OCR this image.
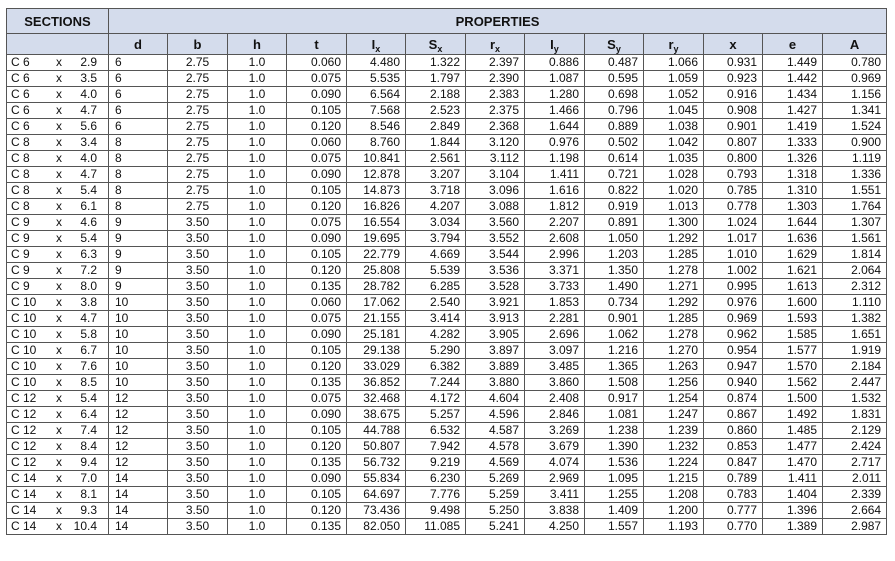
SECTIONS	PROPERTIES												
	d	b	h	t	$I_x$	$S_x$	$r_x$	$I_y$	$S_y$	$r_y$	x	e	A
C 6 x 2.9	6	2.75	1.0	0.060	4.480	1.322	2.397	0.886	0.487	1.066	0.931	1.449	0.780
C 6 x 3.5	6	2.75	1.0	0.075	5.535	1.797	2.390	1.087	0.595	1.059	0.923	1.442	0.969
C 6 x 4.0	6	2.75	1.0	0.090	6.564	2.188	2.383	1.280	0.698	1.052	0.916	1.434	1.156
C 6 x 4.7	6	2.75	1.0	0.105	7.568	2.523	2.375	1.466	0.796	1.045	0.908	1.427	1.341
C 6 x 5.6	6	2.75	1.0	0.120	8.546	2.849	2.368	1.644	0.889	1.038	0.901	1.419	1.524
C 8 x 3.4	8	2.75	1.0	0.060	8.760	1.844	3.120	0.976	0.502	1.042	0.807	1.333	0.900
C 8 x 4.0	8	2.75	1.0	0.075	10.841	2.561	3.112	1.198	0.614	1.035	0.800	1.326	1.119
C 8 x 4.7	8	2.75	1.0	0.090	12.878	3.207	3.104	1.411	0.721	1.028	0.793	1.318	1.336
C 8 x 5.4	8	2.75	1.0	0.105	14.873	3.718	3.096	1.616	0.822	1.020	0.785	1.310	1.551
C 8 x 6.1	8	2.75	1.0	0.120	16.826	4.207	3.088	1.812	0.919	1.013	0.778	1.303	1.764
C 9 x 4.6	9	3.50	1.0	0.075	16.554	3.034	3.560	2.207	0.891	1.300	1.024	1.644	1.307
C 9 x 5.4	9	3.50	1.0	0.090	19.695	3.794	3.552	2.608	1.050	1.292	1.017	1.636	1.561
C 9 x 6.3	9	3.50	1.0	0.105	22.779	4.669	3.544	2.996	1.203	1.285	1.010	1.629	1.814
C 9 x 7.2	9	3.50	1.0	0.120	25.808	5.539	3.536	3.371	1.350	1.278	1.002	1.621	2.064
C 9 x 8.0	9	3.50	1.0	0.135	28.782	6.285	3.528	3.733	1.490	1.271	0.995	1.613	2.312
C 10 x 3.8	10	3.50	1.0	0.060	17.062	2.540	3.921	1.853	0.734	1.292	0.976	1.600	1.110
C 10 x 4.7	10	3.50	1.0	0.075	21.155	3.414	3.913	2.281	0.901	1.285	0.969	1.593	1.382
C 10 x 5.8	10	3.50	1.0	0.090	25.181	4.282	3.905	2.696	1.062	1.278	0.962	1.585	1.651
C 10 x 6.7	10	3.50	1.0	0.105	29.138	5.290	3.897	3.097	1.216	1.270	0.954	1.577	1.919
C 10 x 7.6	10	3.50	1.0	0.120	33.029	6.382	3.889	3.485	1.365	1.263	0.947	1.570	2.184
C 10 x 8.5	10	3.50	1.0	0.135	36.852	7.244	3.880	3.860	1.508	1.256	0.940	1.562	2.447
C 12 x 5.4	12	3.50	1.0	0.075	32.468	4.172	4.604	2.408	0.917	1.254	0.874	1.500	1.532
C 12 x 6.4	12	3.50	1.0	0.090	38.675	5.257	4.596	2.846	1.081	1.247	0.867	1.492	1.831
C 12 x 7.4	12	3.50	1.0	0.105	44.788	6.532	4.587	3.269	1.238	1.239	0.860	1.485	2.129
C 12 x 8.4	12	3.50	1.0	0.120	50.807	7.942	4.578	3.679	1.390	1.232	0.853	1.477	2.424
C 12 x 9.4	12	3.50	1.0	0.135	56.732	9.219	4.569	4.074	1.536	1.224	0.847	1.470	2.717
C 14 x 7.0	14	3.50	1.0	0.090	55.834	6.230	5.269	2.969	1.095	1.215	0.789	1.411	2.011
C 14 x 8.1	14	3.50	1.0	0.105	64.697	7.776	5.259	3.411	1.255	1.208	0.783	1.404	2.339
C 14 x 9.3	14	3.50	1.0	0.120	73.436	9.498	5.250	3.838	1.409	1.200	0.777	1.396	2.664
C 14 x 10.4	14	3.50	1.0	0.135	82.050	11.085	5.241	4.250	1.557	1.193	0.770	1.389	2.987
